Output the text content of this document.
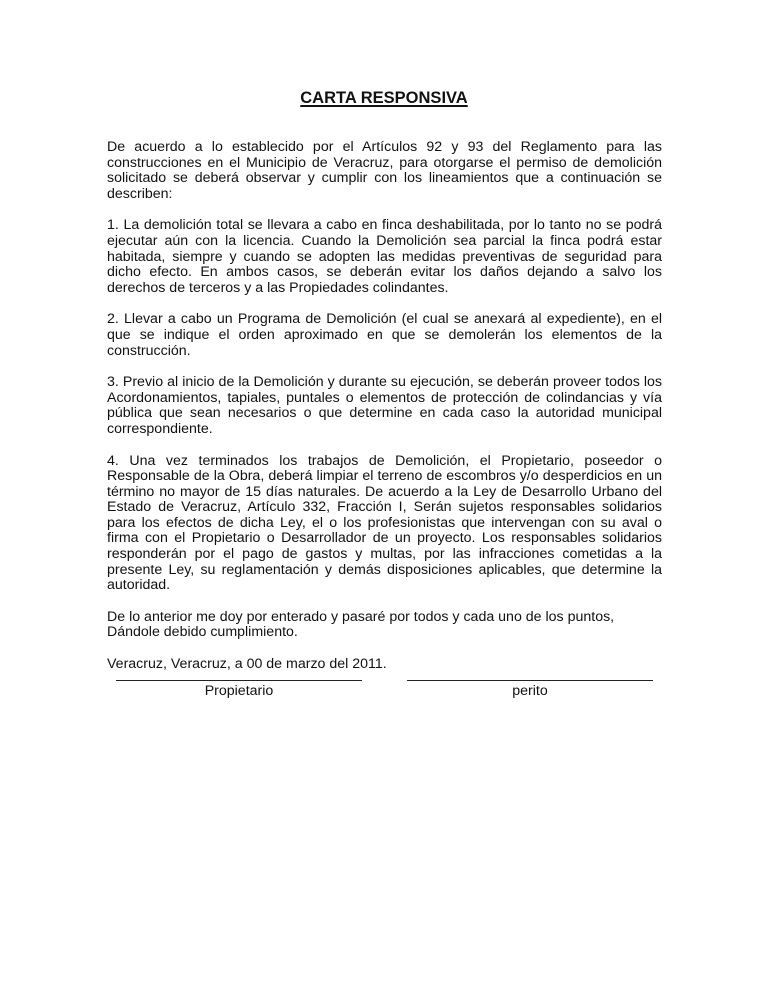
CARTA RESPONSIVA

De acuerdo a lo establecido por el Artículos 92 y 93 del Reglamento para las construcciones en el Municipio de Veracruz, para otorgarse el permiso de demolición solicitado se deberá observar y cumplir con los lineamientos que a continuación se describen:

1. La demolición total se llevara a cabo en finca deshabilitada, por lo tanto no se podrá ejecutar aún con la licencia. Cuando la Demolición sea parcial la finca podrá estar habitada, siempre y cuando se adopten las medidas preventivas de seguridad para dicho efecto. En ambos casos, se deberán evitar los daños dejando a salvo los derechos de terceros y a las Propiedades colindantes.

2. Llevar a cabo un Programa de Demolición (el cual se anexará al expediente), en el que se indique el orden aproximado en que se demolerán los elementos de la construcción.

3. Previo al inicio de la Demolición y durante su ejecución, se deberán proveer todos los Acordonamientos, tapiales, puntales o elementos de protección de colindancias y vía pública que sean necesarios o que determine en cada caso la autoridad municipal correspondiente.

4. Una vez terminados los trabajos de Demolición, el Propietario, poseedor o Responsable de la Obra, deberá limpiar el terreno de escombros y/o desperdicios en un término no mayor de 15 días naturales. De acuerdo a la Ley de Desarrollo Urbano del Estado de Veracruz, Artículo 332, Fracción I, Serán sujetos responsables solidarios para los efectos de dicha Ley, el o los profesionistas que intervengan con su aval o firma con el Propietario o Desarrollador de un proyecto. Los responsables solidarios responderán por el pago de gastos y multas, por las infracciones cometidas a la presente Ley, su reglamentación y demás disposiciones aplicables, que determine la autoridad.

De lo anterior me doy por enterado y pasaré por todos y cada uno de los puntos,
Dándole debido cumplimiento.

Veracruz, Veracruz, a 00 de marzo del 2011.

Propietario	perito
